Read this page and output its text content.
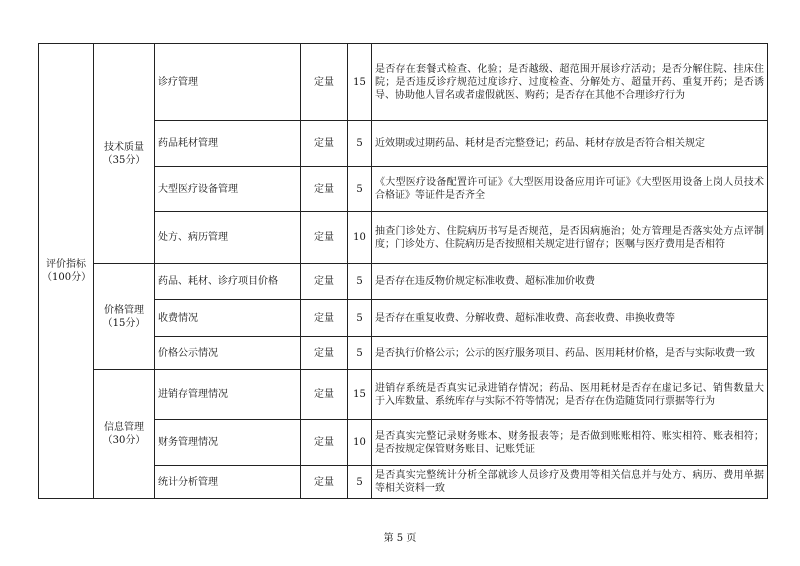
评价指标（100分）	技术质量（35分）	诊疗管理	定量	15	是否存在套餐式检查、化验；是否越级、超范围开展诊疗活动；是否分解住院、挂床住院；是否违反诊疗规范过度诊疗、过度检查、分解处方、超量开药、重复开药；是否诱导、协助他人冒名或者虚假就医、购药；是否存在其他不合理诊疗行为
		药品耗材管理	定量	5	近效期或过期药品、耗材是否完整登记；药品、耗材存放是否符合相关规定
		大型医疗设备管理	定量	5	《大型医疗设备配置许可证》《大型医用设备应用许可证》《大型医用设备上岗人员技术合格证》等证件是否齐全
		处方、病历管理	定量	10	抽查门诊处方、住院病历书写是否规范，是否因病施治；处方管理是否落实处方点评制度；门诊处方、住院病历是否按照相关规定进行留存；医嘱与医疗费用是否相符
	价格管理（15分）	药品、耗材、诊疗项目价格	定量	5	是否存在违反物价规定标准收费、超标准加价收费
		收费情况	定量	5	是否存在重复收费、分解收费、超标准收费、高套收费、串换收费等
		价格公示情况	定量	5	是否执行价格公示；公示的医疗服务项目、药品、医用耗材价格，是否与实际收费一致
	信息管理（30分）	进销存管理情况	定量	15	进销存系统是否真实记录进销存情况；药品、医用耗材是否存在虚记多记、销售数量大于入库数量、系统库存与实际不符等情况；是否存在伪造随货同行票据等行为
		财务管理情况	定量	10	是否真实完整记录财务账本、财务报表等；是否做到账账相符、账实相符、账表相符；是否按规定保管财务账目、记账凭证
		统计分析管理	定量	5	是否真实完整统计分析全部就诊人员诊疗及费用等相关信息并与处方、病历、费用单据等相关资料一致
第 5 页
